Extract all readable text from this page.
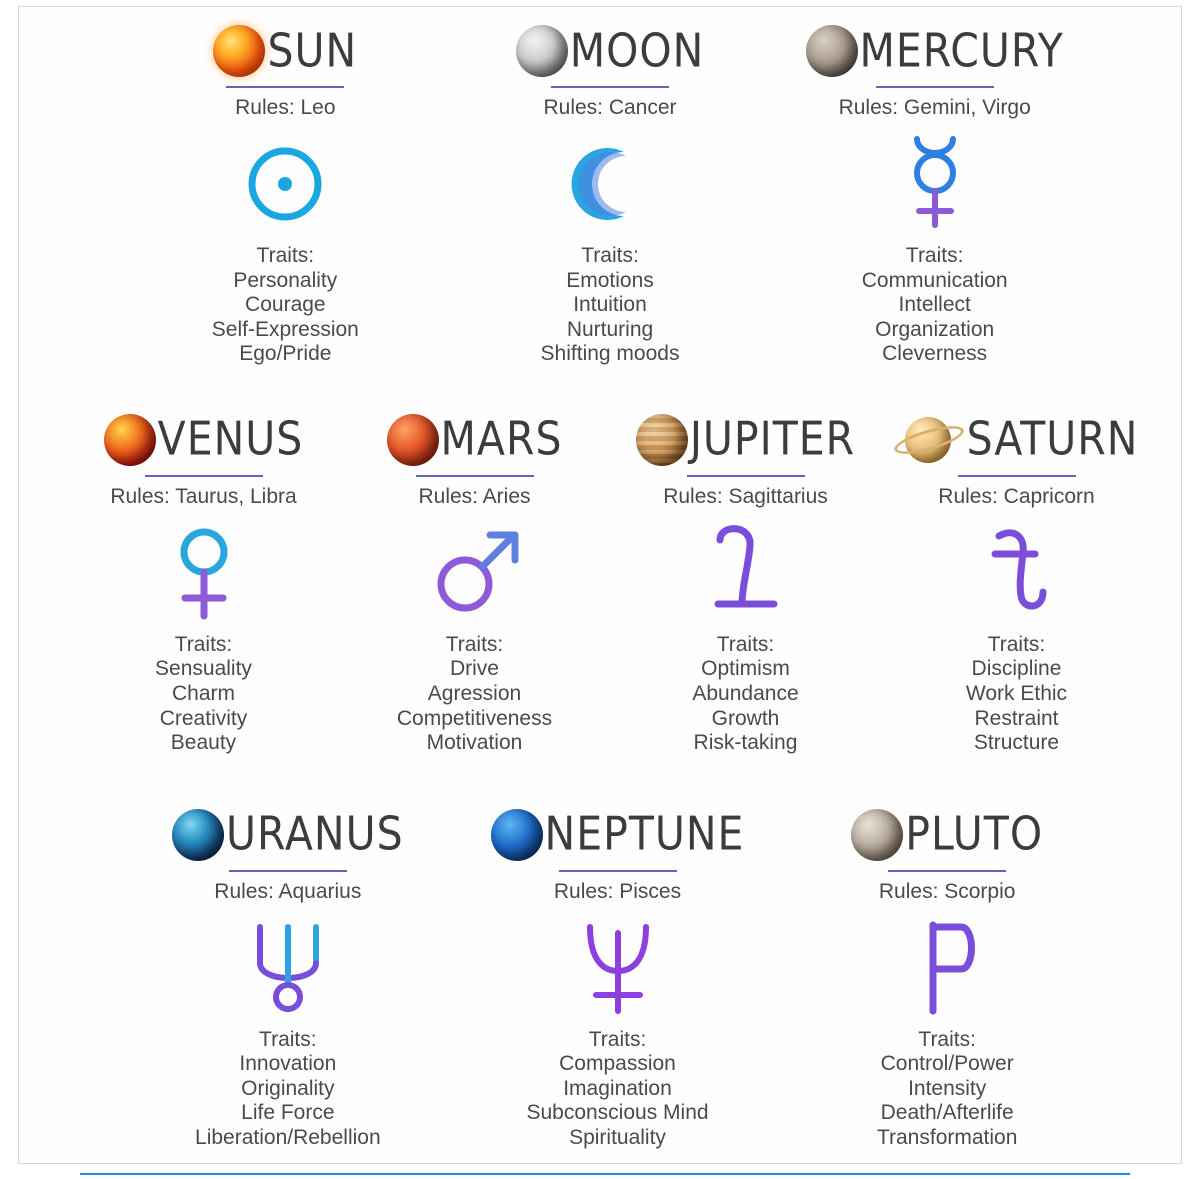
SUN
Rules: Leo
Traits:
Personality
Courage
Self-Expression
Ego/Pride
MOON
Rules: Cancer
Traits:
Emotions
Intuition
Nurturing
Shifting moods
MERCURY
Rules: Gemini, Virgo
Traits:
Communication
Intellect
Organization
Cleverness
VENUS
Rules: Taurus, Libra
Traits:
Sensuality
Charm
Creativity
Beauty
MARS
Rules: Aries
Traits:
Drive
Agression
Competitiveness
Motivation
JUPITER
Rules: Sagittarius
Traits:
Optimism
Abundance
Growth
Risk-taking
SATURN
Rules: Capricorn
Traits:
Discipline
Work Ethic
Restraint
Structure
URANUS
Rules: Aquarius
Traits:
Innovation
Originality
Life Force
Liberation/Rebellion
NEPTUNE
Rules: Pisces
Traits:
Compassion
Imagination
Subconscious Mind
Spirituality
PLUTO
Rules: Scorpio
Traits:
Control/Power
Intensity
Death/Afterlife
Transformation
